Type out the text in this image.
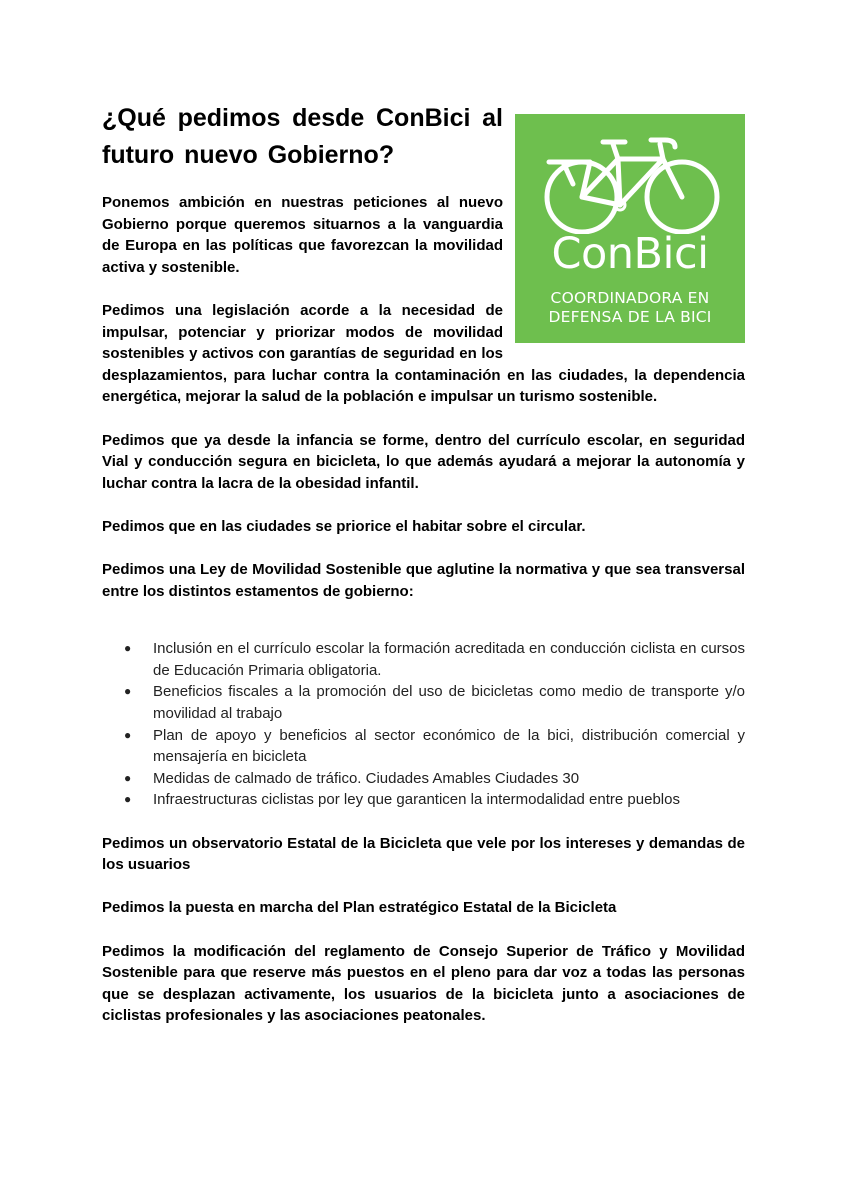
ConBici
COORDINADORA EN
DEFENSA DE LA BICI
¿Qué pedimos desde ConBici al futuro nuevo Gobierno?

Ponemos ambición en nuestras peticiones al nuevo Gobierno porque queremos situarnos a la vanguardia de Europa en las políticas que favorezcan la movilidad activa y sostenible.

Pedimos una legislación acorde a la necesidad de impulsar, potenciar y priorizar modos de movilidad sostenibles y activos con garantías de seguridad en los desplazamientos, para luchar contra la contaminación en las ciudades, la dependencia energética, mejorar la salud de la población e impulsar un turismo sostenible.

Pedimos que ya desde la infancia se forme, dentro del currículo escolar, en seguridad Vial y conducción segura en bicicleta, lo que además ayudará a mejorar la autonomía y luchar contra la lacra de la obesidad infantil.

Pedimos que en las ciudades se priorice el habitar sobre el circular.

Pedimos una Ley de Movilidad Sostenible que aglutine la normativa y que sea transversal entre los distintos estamentos de gobierno:

● Inclusión en el currículo escolar la formación acreditada en conducción ciclista en cursos de Educación Primaria obligatoria.
● Beneficios fiscales a la promoción del uso de bicicletas como medio de transporte y/o movilidad al trabajo
● Plan de apoyo y beneficios al sector económico de la bici, distribución comercial y mensajería en bicicleta
● Medidas de calmado de tráfico. Ciudades Amables Ciudades 30
● Infraestructuras ciclistas por ley que garanticen la intermodalidad entre pueblos

Pedimos un observatorio Estatal de la Bicicleta que vele por los intereses y demandas de los usuarios

Pedimos la puesta en marcha del Plan estratégico Estatal de la Bicicleta

Pedimos la modificación del reglamento de Consejo Superior de Tráfico y Movilidad Sostenible para que reserve más puestos en el pleno para dar voz a todas las personas que se desplazan activamente, los usuarios de la bicicleta junto a asociaciones de ciclistas profesionales y las asociaciones peatonales.
